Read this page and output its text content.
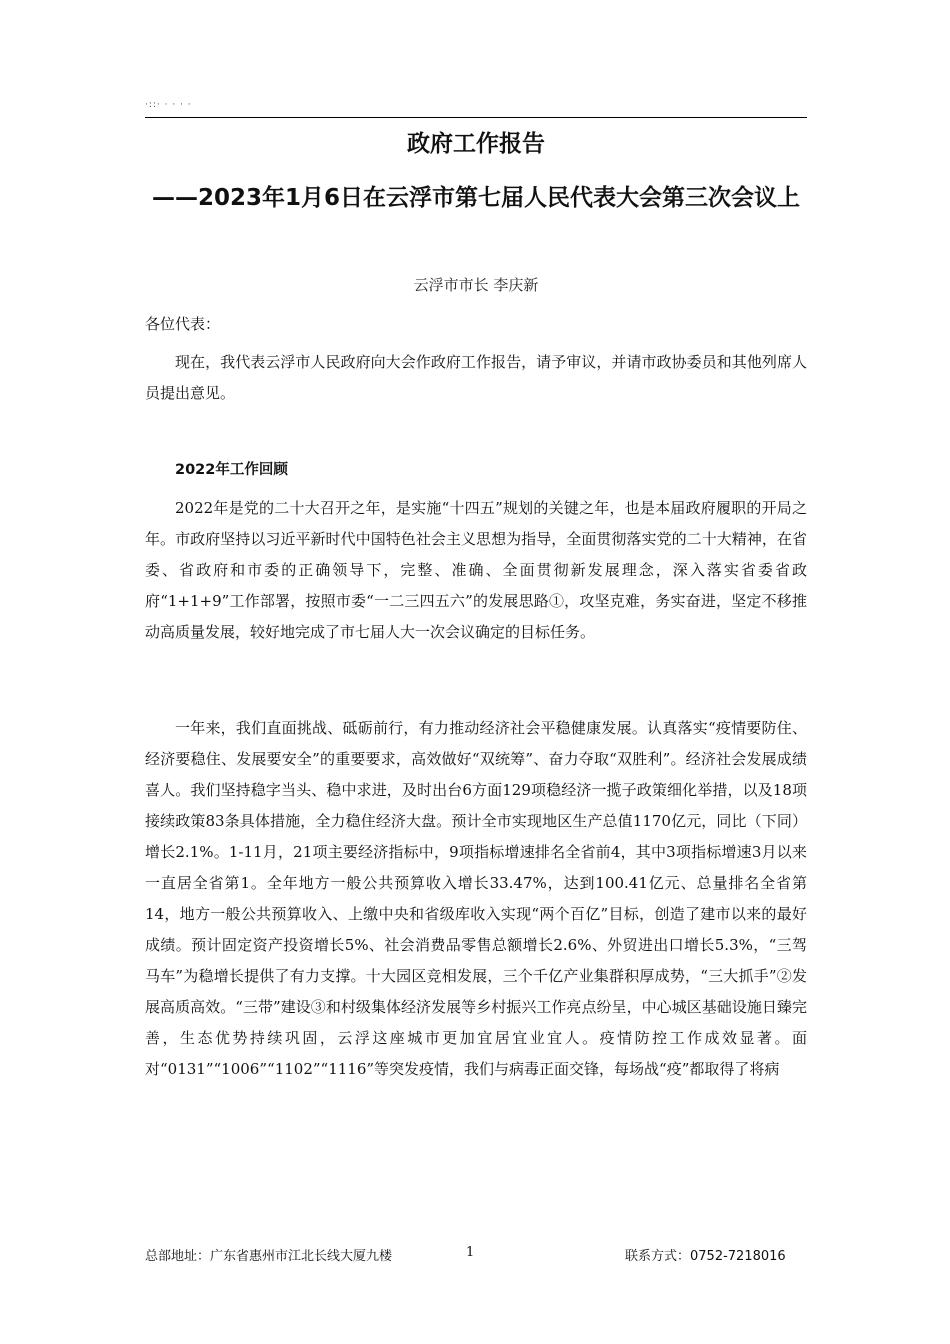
·::· · · · ·
政府工作报告
——2023年1月6日在云浮市第七届人民代表大会第三次会议上
云浮市市长 李庆新
各位代表：
现在，我代表云浮市人民政府向大会作政府工作报告，请予审议，并请市政协委员和其他列席人员提出意见。
2022年工作回顾
2022年是党的二十大召开之年，是实施“十四五”规划的关键之年，也是本届政府履职的开局之年。市政府坚持以习近平新时代中国特色社会主义思想为指导，全面贯彻落实党的二十大精神，在省委、省政府和市委的正确领导下，完整、准确、全面贯彻新发展理念，深入落实省委省政府“1+1+9”工作部署，按照市委“一二三四五六”的发展思路①，攻坚克难，务实奋进，坚定不移推动高质量发展，较好地完成了市七届人大一次会议确定的目标任务。
一年来，我们直面挑战、砥砺前行，有力推动经济社会平稳健康发展。认真落实“疫情要防住、经济要稳住、发展要安全”的重要要求，高效做好“双统筹”、奋力夺取“双胜利”。经济社会发展成绩喜人。我们坚持稳字当头、稳中求进，及时出台6方面129项稳经济一揽子政策细化举措，以及18项接续政策83条具体措施，全力稳住经济大盘。预计全市实现地区生产总值1170亿元，同比（下同）增长2.1%。1-11月，21项主要经济指标中，9项指标增速排名全省前4，其中3项指标增速3月以来一直居全省第1。全年地方一般公共预算收入增长33.47%，达到100.41亿元、总量排名全省第14，地方一般公共预算收入、上缴中央和省级库收入实现“两个百亿”目标，创造了建市以来的最好成绩。预计固定资产投资增长5%、社会消费品零售总额增长2.6%、外贸进出口增长5.3%，“三驾马车”为稳增长提供了有力支撑。十大园区竞相发展，三个千亿产业集群积厚成势，“三大抓手”②发展高质高效。“三带”建设③和村级集体经济发展等乡村振兴工作亮点纷呈，中心城区基础设施日臻完善，生态优势持续巩固，云浮这座城市更加宜居宜业宜人。疫情防控工作成效显著。面对“0131”“1006”“1102”“1116”等突发疫情，我们与病毒正面交锋，每场战“疫”都取得了将病
总部地址：广东省惠州市江北长线大厦九楼	1	联系方式：0752-7218016
